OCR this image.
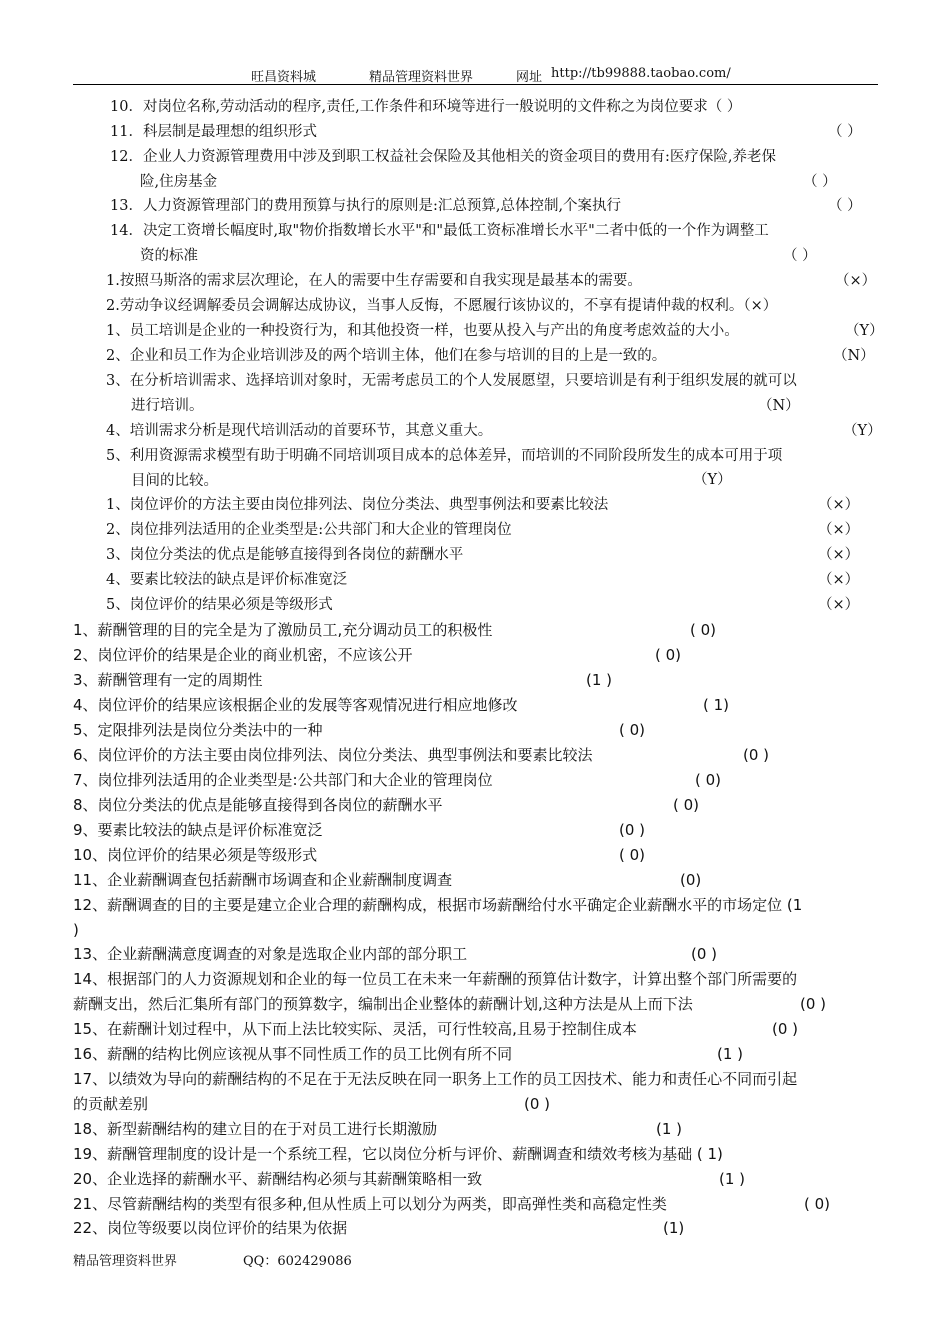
旺昌资料城	精品管理资料世界	网址 http://tb99888.taobao.com/
10．对岗位名称,劳动活动的程序,责任,工作条件和环境等进行一般说明的文件称之为岗位要求（ ）
11．科层制是最理想的组织形式	（ ）
12．企业人力资源管理费用中涉及到职工权益社会保险及其他相关的资金项目的费用有:医疗保险,养老保
险,住房基金	（ ）
13．人力资源管理部门的费用预算与执行的原则是:汇总预算,总体控制,个案执行	（ ）
14．决定工资增长幅度时,取"物价指数增长水平"和"最低工资标准增长水平"二者中低的一个作为调整工
资的标准	（ ）
1.按照马斯洛的需求层次理论，在人的需要中生存需要和自我实现是最基本的需要。	（×）
2.劳动争议经调解委员会调解达成协议，当事人反悔，不愿履行该协议的，不享有提请仲裁的权利。（×）
1、员工培训是企业的一种投资行为，和其他投资一样，也要从投入与产出的角度考虑效益的大小。	（Y）
2、企业和员工作为企业培训涉及的两个培训主体，他们在参与培训的目的上是一致的。	（N）
3、在分析培训需求、选择培训对象时，无需考虑员工的个人发展愿望，只要培训是有利于组织发展的就可以
进行培训。	（N）
4、培训需求分析是现代培训活动的首要环节，其意义重大。	（Y）
5、利用资源需求模型有助于明确不同培训项目成本的总体差异，而培训的不同阶段所发生的成本可用于项
目间的比较。	（Y）
1、岗位评价的方法主要由岗位排列法、岗位分类法、典型事例法和要素比较法	（×）
2、岗位排列法适用的企业类型是:公共部门和大企业的管理岗位	（×）
3、岗位分类法的优点是能够直接得到各岗位的薪酬水平	（×）
4、要素比较法的缺点是评价标准宽泛	（×）
5、岗位评价的结果必须是等级形式	（×）
1、薪酬管理的目的完全是为了激励员工,充分调动员工的积极性	( 0)
2、岗位评价的结果是企业的商业机密，不应该公开	( 0)
3、薪酬管理有一定的周期性	(1 )
4、岗位评价的结果应该根据企业的发展等客观情况进行相应地修改	( 1)
5、定限排列法是岗位分类法中的一种	( 0)
6、岗位评价的方法主要由岗位排列法、岗位分类法、典型事例法和要素比较法	(0 )
7、岗位排列法适用的企业类型是:公共部门和大企业的管理岗位	( 0)
8、岗位分类法的优点是能够直接得到各岗位的薪酬水平	( 0)
9、要素比较法的缺点是评价标准宽泛	(0 )
10、岗位评价的结果必须是等级形式	( 0)
11、企业薪酬调查包括薪酬市场调查和企业薪酬制度调查	(0)
12、薪酬调查的目的主要是建立企业合理的薪酬构成，根据市场薪酬给付水平确定企业薪酬水平的市场定位 (1
)
13、企业薪酬满意度调查的对象是选取企业内部的部分职工	(0 )
14、根据部门的人力资源规划和企业的每一位员工在未来一年薪酬的预算估计数字，计算出整个部门所需要的
薪酬支出，然后汇集所有部门的预算数字，编制出企业整体的薪酬计划,这种方法是从上而下法	(0 )
15、在薪酬计划过程中，从下而上法比较实际、灵活，可行性较高,且易于控制住成本	(0 )
16、薪酬的结构比例应该视从事不同性质工作的员工比例有所不同	(1 )
17、以绩效为导向的薪酬结构的不足在于无法反映在同一职务上工作的员工因技术、能力和责任心不同而引起
的贡献差别	(0 )
18、新型薪酬结构的建立目的在于对员工进行长期激励	(1 )
19、薪酬管理制度的设计是一个系统工程，它以岗位分析与评价、薪酬调查和绩效考核为基础 ( 1)
20、企业选择的薪酬水平、薪酬结构必须与其薪酬策略相一致	(1 )
21、尽管薪酬结构的类型有很多种,但从性质上可以划分为两类，即高弹性类和高稳定性类	( 0)
22、岗位等级要以岗位评价的结果为依据	(1)
精品管理资料世界	QQ：602429086
